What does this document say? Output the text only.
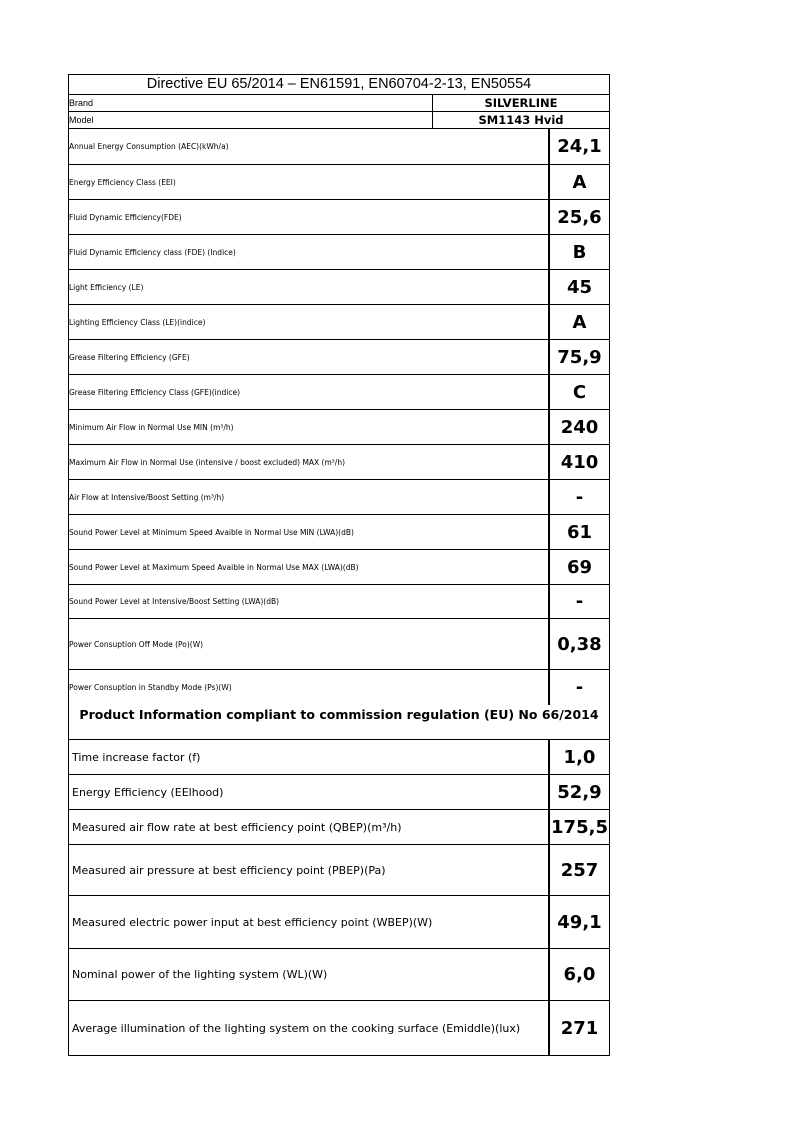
Directive EU 65/2014 – EN61591, EN60704-2-13, EN50554
Brand	SILVERLINE
Model	SM1143 Hvid
Annual Energy Consumption (AEC)(kWh/a)	24,1
Energy Efficiency Class (EEI)	A
Fluid Dynamic Efficiency(FDE)	25,6
Fluid Dynamic Efficiency class (FDE) (Indice)	B
Light Efficiency (LE)	45
Lighting Efficiency Class (LE)(indice)	A
Grease Filtering Efficiency (GFE)	75,9
Grease Filtering Efficiency Class (GFE)(indice)	C
Minimum Air Flow in Normal Use MIN (m³/h)	240
Maximum Air Flow in Normal Use (intensive / boost excluded) MAX (m³/h)	410
Air Flow at Intensive/Boost Setting (m³/h)	-
Sound Power Level at Minimum Speed Avaible in Normal Use MIN (LWA)(dB)	61
Sound Power Level at Maximum Speed Avaible in Normal Use MAX (LWA)(dB)	69
Sound Power Level at Intensive/Boost Setting (LWA)(dB)	-
Power Consuption Off Mode (Po)(W)	0,38
Power Consuption in Standby Mode (Ps)(W)	-
Product Information compliant to commission regulation (EU) No 66/2014
Time increase factor (f)	1,0
Energy Efficiency (EElhood)	52,9
Measured air flow rate at best efficiency point (QBEP)(m³/h)	175,5
Measured air pressure at best efficiency point (PBEP)(Pa)	257
Measured electric power input at best efficiency point (WBEP)(W)	49,1
Nominal power of the lighting system (WL)(W)	6,0
Average illumination of the lighting system on the cooking surface (Emiddle)(lux)	271
